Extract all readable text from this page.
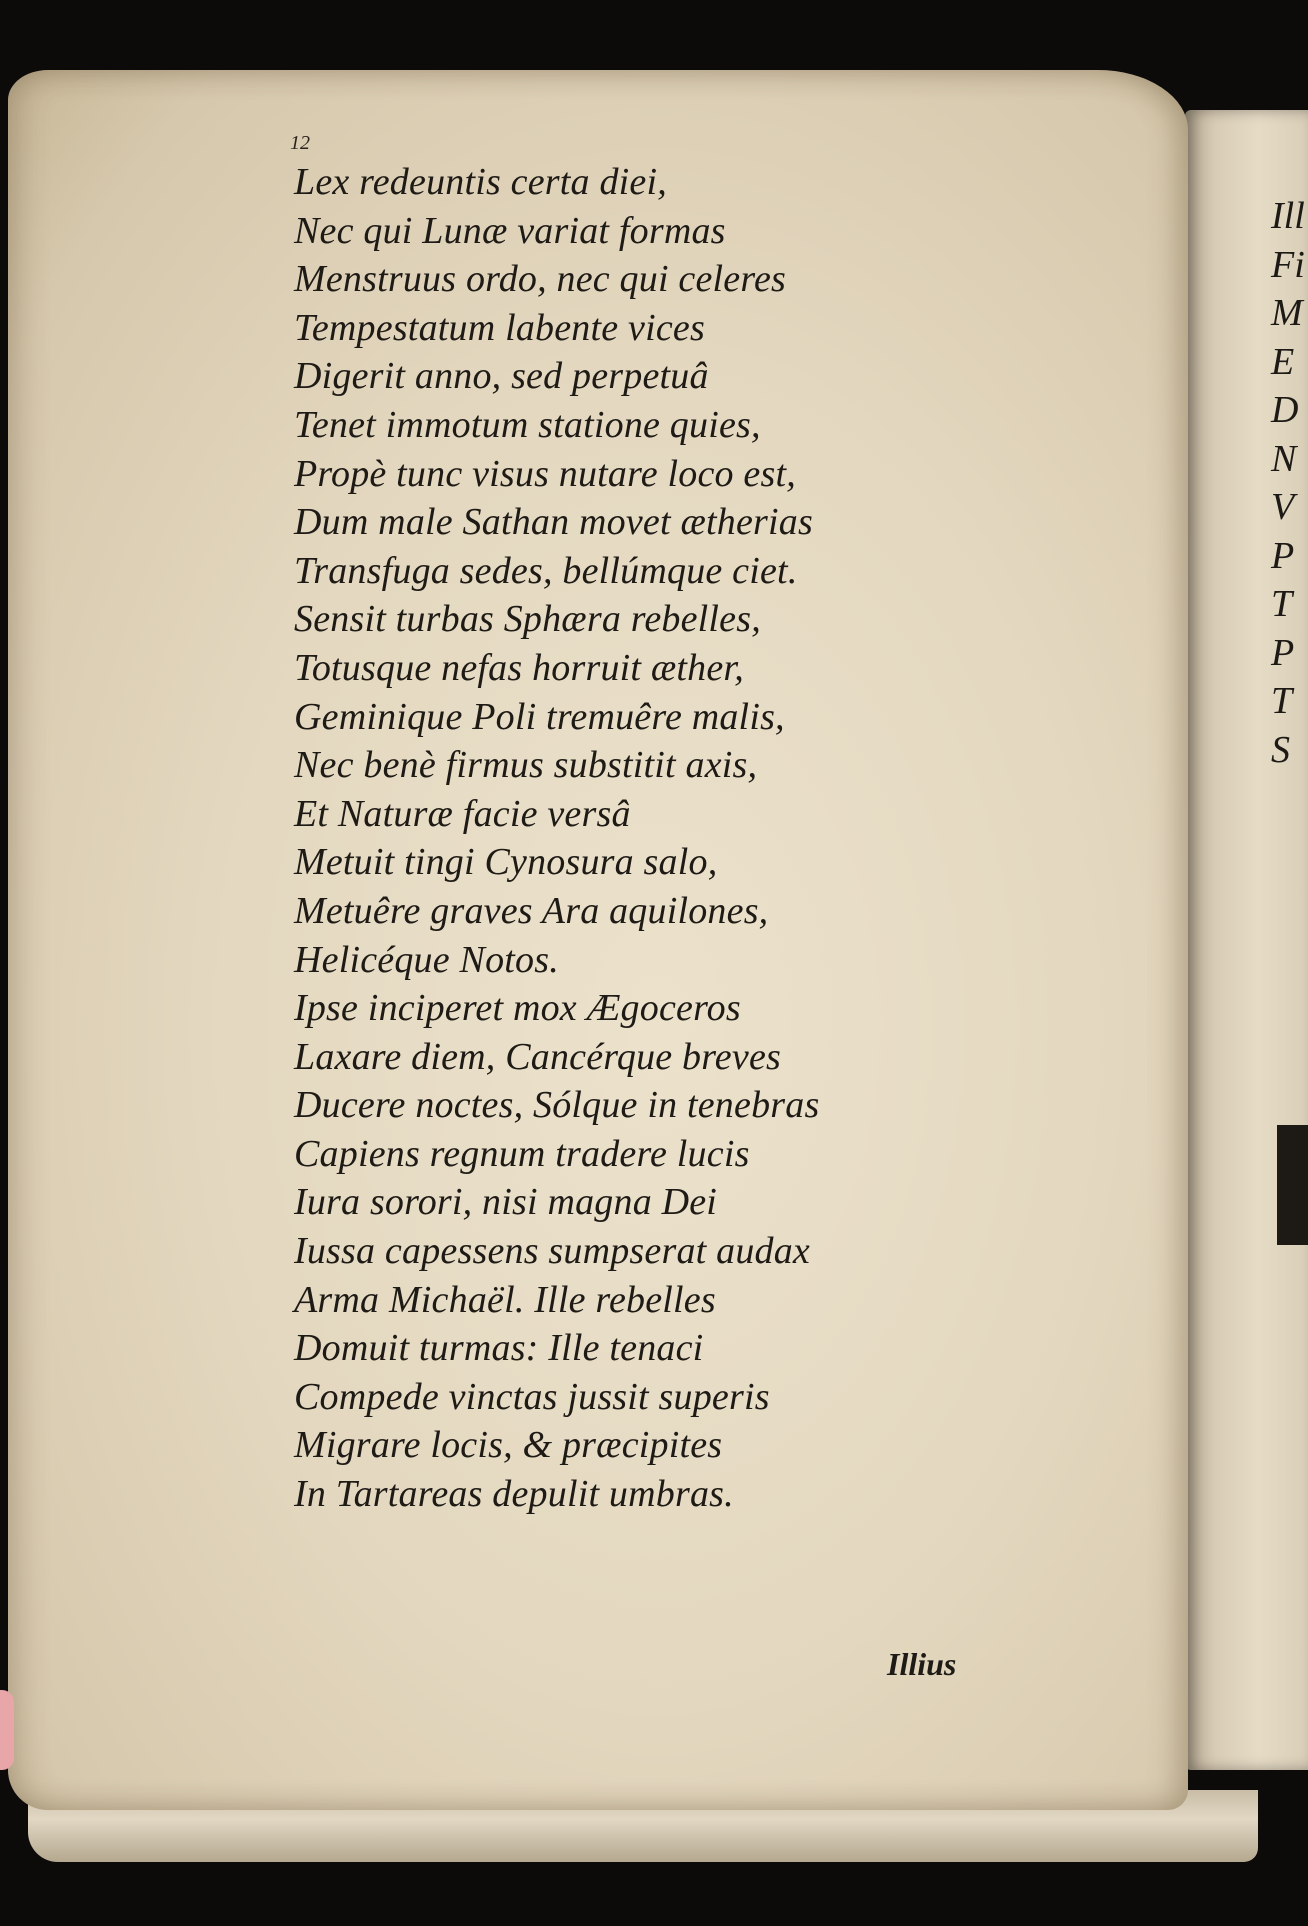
Ill
Fi
M
E
D
N
V
P
T
P
T
S

12

Lex redeuntis certa diei,
Nec qui Lunæ variat formas
Menstruus ordo, nec qui celeres
Tempestatum labente vices
Digerit anno, sed perpetuâ
Tenet immotum statione quies,
Propè tunc visus nutare loco est,
Dum male Sathan movet ætherias
Transfuga sedes, bellúmque ciet.
Sensit turbas Sphæra rebelles,
Totusque nefas horruit æther,
Geminique Poli tremuêre malis,
Nec benè firmus substitit axis,
Et Naturæ facie versâ
Metuit tingi Cynosura salo,
Metuêre graves Ara aquilones,
Helicéque Notos.
Ipse inciperet mox Ægoceros
Laxare diem, Cancérque breves
Ducere noctes, Sólque in tenebras
Capiens regnum tradere lucis
Iura sorori, nisi magna Dei
Iussa capessens sumpserat audax
Arma Michaël. Ille rebelles
Domuit turmas: Ille tenaci
Compede vinctas jussit superis
Migrare locis, & præcipites
In Tartareas depulit umbras.

Illius
